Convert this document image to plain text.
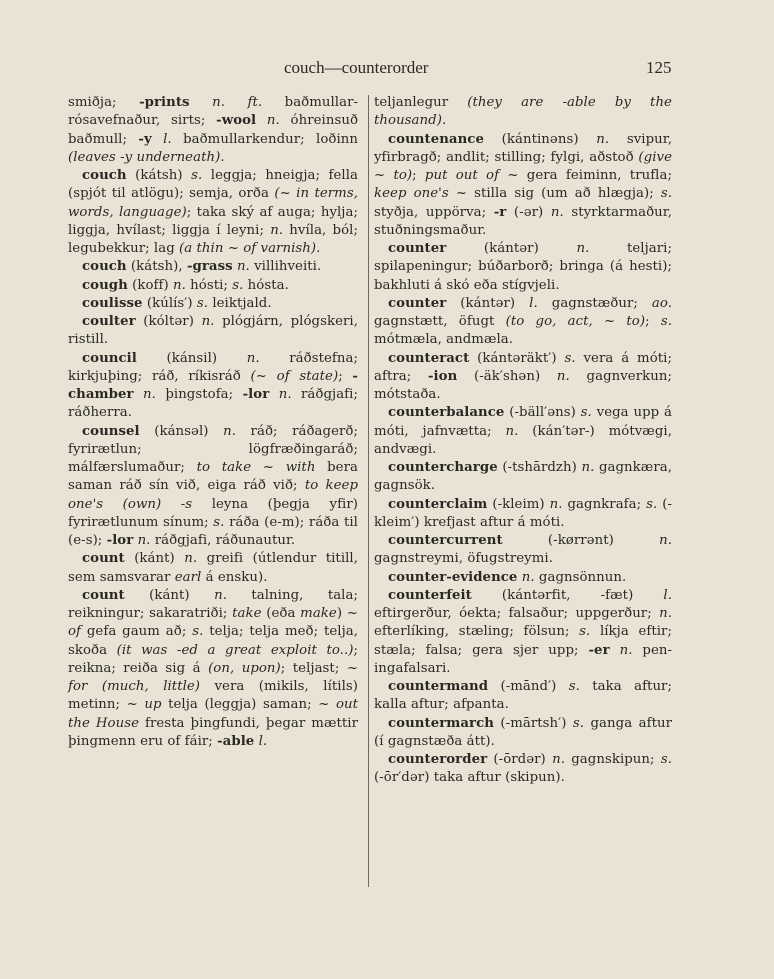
couch—counterorder	125

smiðja; -prints n. ft. baðmullarrósavefnaður, sirts; -wool n. óhreinsuð baðmull; -y l. baðmullarkendur; loðinn (leaves -y underneath).

couch (kátsh) s. leggja; hneigja; fella (spjót til atlögu); semja, orða (~ in terms, words, language); taka ský af auga; hylja; liggja, hvílast; liggja í leyni; n. hvíla, ból; legubekkur; lag (a thin ~ of varnish).

couch (kátsh), -grass n. villihveiti.

cough (koff) n. hósti; s. hósta.

coulisse (kúlís′) s. leiktjald.

coulter (kóltər) n. plógjárn, plógskeri, ristill.

council (kánsil) n. ráðstefna; kirkjuþing; ráð, ríkisráð (~ of state); -chamber n. þingstofa; -lor n. ráðgjafi; ráðherra.

counsel (kánsəl) n. ráð; ráðagerð; fyrirætlun; lögfræðingaráð; málfærslumaður; to take ~ with bera saman ráð sín við, eiga ráð við; to keep one's (own) -s leyna (þegja yfir) fyrirætlunum sínum; s. ráða (e-m); ráða til (e-s); -lor n. ráðgjafi, ráðunautur.

count (kánt) n. greifi (útlendur titill, sem samsvarar earl á ensku).

count (kánt) n. talning, tala; reikningur; sakaratriði; take (eða make) ~ of gefa gaum að; s. telja; telja með; telja, skoða (it was -ed a great exploit to..); reikna; reiða sig á (on, upon); teljast; ~ for (much, little) vera (mikils, lítils) metinn; ~ up telja (leggja) saman; ~ out the House fresta þingfundi, þegar mættir þingmenn eru of fáir; -able l.

teljanlegur (they are -able by the thousand).

countenance (kántinəns) n. svipur, yfirbragð; andlit; stilling; fylgi, aðstoð (give ~ to); put out of ~ gera feiminn, trufla; keep one's ~ stilla sig (um að hlægja); s. styðja, uppörva; -r (-ər) n. styrktarmaður, stuðningsmaður.

counter (kántər) n. teljari; spilapeningur; búðarborð; bringa (á hesti); bakhluti á skó eða stígvjeli.

counter (kántər) l. gagnstæður; ao. gagnstætt, öfugt (to go, act, ~ to); s. mótmæla, andmæla.

counteract (kántəräkt′) s. vera á móti; aftra; -ion (-äk′shən) n. gagnverkun; mótstaða.

counterbalance (-bäll′əns) s. vega upp á móti, jafnvætta; n. (kán′tər-) mótvægi, andvægi.

countercharge (-tshārdzh) n. gagnkæra, gagnsök.

counterclaim (-kleim) n. gagnkrafa; s. (-kleim′) krefjast aftur á móti.

countercurrent (-kørrənt) n. gagnstreymi, öfugstreymi.

counter-evidence n. gagnsönnun.

counterfeit (kántərfit, -fæt) l. eftirgerður, óekta; falsaður; uppgerður; n. efterlíking, stæling; fölsun; s. líkja eftir; stæla; falsa; gera sjer upp; -er n. peningafalsari.

countermand (-mānd′) s. taka aftur; kalla aftur; afpanta.

countermarch (-mārtsh′) s. ganga aftur (í gagnstæða átt).

counterorder (-ōrdər) n. gagnskipun; s. (-ōr′dər) taka aftur (skipun).
